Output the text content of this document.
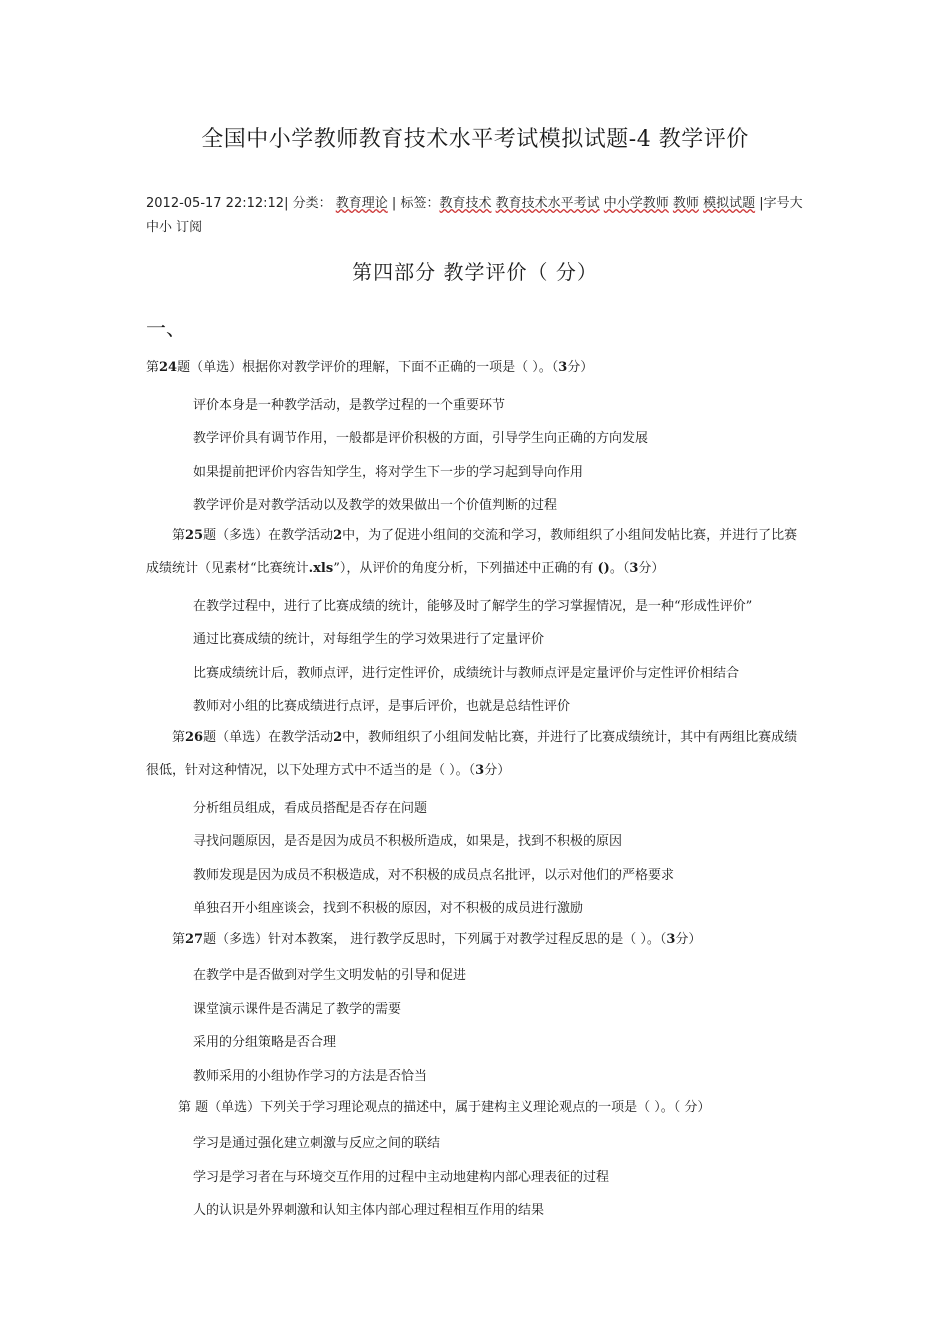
全国中小学教师教育技术水平考试模拟试题-4 教学评价
2012-05-17 22:12:12| 分类： 教育理论 | 标签：教育技术 教育技术水平考试 中小学教师 教师 模拟试题 |字号大中小 订阅
第四部分 教学评价（ 分）
一、
第24题（单选）根据你对教学评价的理解，下面不正确的一项是（ ）。（3分）
评价本身是一种教学活动，是教学过程的一个重要环节
教学评价具有调节作用，一般都是评价积极的方面，引导学生向正确的方向发展
如果提前把评价内容告知学生，将对学生下一步的学习起到导向作用
教学评价是对教学活动以及教学的效果做出一个价值判断的过程
第25题（多选）在教学活动2中，为了促进小组间的交流和学习，教师组织了小组间发帖比赛，并进行了比赛成绩统计（见素材“比赛统计.xls”），从评价的角度分析，下列描述中正确的有 ()。（3分）
在教学过程中，进行了比赛成绩的统计，能够及时了解学生的学习掌握情况，是一种“形成性评价”
通过比赛成绩的统计，对每组学生的学习效果进行了定量评价
比赛成绩统计后，教师点评，进行定性评价，成绩统计与教师点评是定量评价与定性评价相结合
教师对小组的比赛成绩进行点评，是事后评价，也就是总结性评价
第26题（单选）在教学活动2中，教师组织了小组间发帖比赛，并进行了比赛成绩统计，其中有两组比赛成绩很低，针对这种情况，以下处理方式中不适当的是（ ）。（3分）
分析组员组成，看成员搭配是否存在问题
寻找问题原因，是否是因为成员不积极所造成，如果是，找到不积极的原因
教师发现是因为成员不积极造成，对不积极的成员点名批评，以示对他们的严格要求
单独召开小组座谈会，找到不积极的原因，对不积极的成员进行激励
第27题（多选）针对本教案， 进行教学反思时，下列属于对教学过程反思的是（ ）。（3分）
在教学中是否做到对学生文明发帖的引导和促进
课堂演示课件是否满足了教学的需要
采用的分组策略是否合理
教师采用的小组协作学习的方法是否恰当
第 题（单选）下列关于学习理论观点的描述中，属于建构主义理论观点的一项是（ ）。（ 分）
学习是通过强化建立刺激与反应之间的联结
学习是学习者在与环境交互作用的过程中主动地建构内部心理表征的过程
人的认识是外界刺激和认知主体内部心理过程相互作用的结果
